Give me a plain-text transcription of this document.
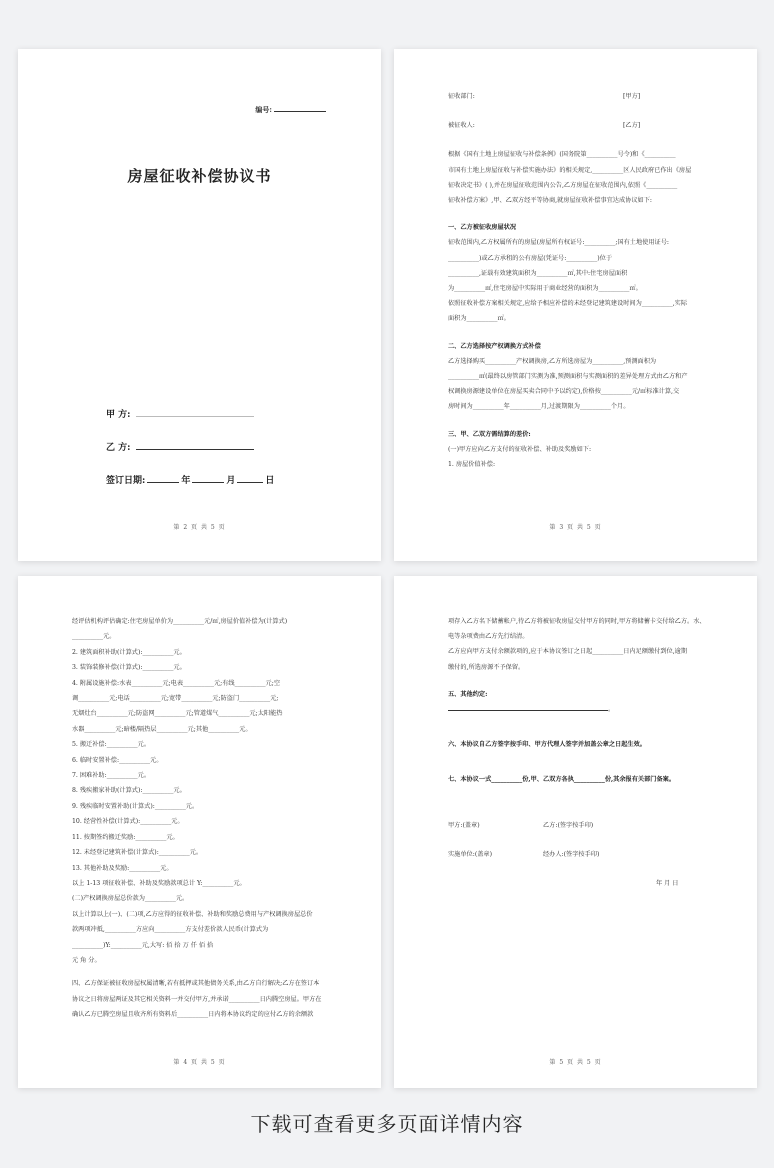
编号:
房屋征收补偿协议书
甲 方:
乙 方:
签订日期:	年	月	日
第 2 页 共 5 页
征收部门:	[甲方]
被征收人:	[乙方]

根据《国有土地上房屋征收与补偿条例》(国务院第__________号令)和《__________

市国有土地上房屋征收与补偿实施办法》的相关规定,__________区人民政府已作出《房屋

征收决定书》( ),并在房屋征收范围内公告,乙方房屋在征收范围内,依照《__________

征收补偿方案》,甲、乙双方经平等协商,就房屋征收补偿事宜达成协议如下:

一、乙方被征收房屋状况

征收范围内,乙方权属所有的房屋(房屋所有权证号:__________;国有土地使用证号:

__________)或乙方承租的公有房屋(凭证号:__________)位于

__________,证载有效建筑面积为__________㎡,其中:住宅房屋面积

为__________㎡,住宅房屋中实际用于商业经营的面积为__________㎡。

依照征收补偿方案相关规定,应给予相应补偿的未经登记建筑建设时间为__________,实际

面积为__________㎡。

二、乙方选择按产权调换方式补偿

乙方选择购买__________产权调换房,乙方所选房屋为__________,预测面积为

__________㎡(最终以房管部门实测为准,预测面积与实测面积的差异处理方式由乙方和产

权调换房源建设单位在房屋买卖合同中予以约定),价格按__________元/㎡标准计算,交

房时间为__________年__________月,过渡期限为__________个月。

三、甲、乙双方需结算的差价:

(一)甲方应向乙方支付的征收补偿、补助及奖励如下:

1. 房屋价值补偿:

第 3 页 共 5 页

经评估机构评估确定:住宅房屋单价为__________元/㎡,房屋价值补偿为(计算式)

__________元。

2. 建筑面积补助(计算式):__________元。

3. 装饰装修补偿(计算式):__________元。

4. 附属设施补偿:水表__________元;电表__________元;有线__________元;空

调__________元;电话__________元;宽带__________元;防盗门__________元;

无烟灶台__________元;防盗网__________元;管道煤气__________元;太阳能热

水器__________元;暗楼/隔热层__________元;其他__________元。

5. 搬迁补偿:__________元。

6. 临时安置补偿:__________元。

7. 困难补助:__________元。

8. 残疾搬家补助(计算式):__________元。

9. 残疾临时安置补助(计算式):__________元。

10. 经营性补偿(计算式):__________元。

11. 按期签约搬迁奖励:__________元。

12. 未经登记建筑补偿(计算式):__________元。

13. 其他补助及奖励:__________元。

以上 1-13 项征收补偿、补助及奖励款项总计 Y:__________元。

(二)产权调换房屋总价款为__________元。

以上计算以上(一)、(二)项,乙方应得的征收补偿、补助和奖励总费用与产权调换房屋总价

款两项冲抵,__________方应向__________方支付差价款人民币(计算式为

__________)Y:__________元,大写: 佰 拾 万 仟 佰 拾

元 角 分。

四、乙方保证被征收房屋权属清晰,若有抵押或其他债务关系,由乙方自行解决;乙方在签订本

协议之日将房屋两证及其它相关资料一并交付甲方,并承诺__________日内腾空房屋。甲方在

确认乙方已腾空房屋且收齐所有资料后__________日内将本协议约定的应付乙方的余额款

第 4 页 共 5 页

项存入乙方名下储蓄帐户,待乙方将被征收房屋交付甲方的同时,甲方将储蓄卡交付给乙方。水、

电等杂项费由乙方先行结清。

乙方应向甲方支付余额款项的,应于本协议签订之日起__________日内足额缴付到位,逾期

缴付的,所选房源不予保留。

五、其他约定:

。

六、本协议自乙方签字按手印、甲方代理人签字并加盖公章之日起生效。

七、本协议一式__________份,甲、乙双方各执__________份,其余报有关部门备案。

甲方:(盖章)	乙方:(签字按手印)
实施单位:(盖章)	经办人:(签字按手印)
年 月 日
第 5 页 共 5 页
下载可查看更多页面详情内容
